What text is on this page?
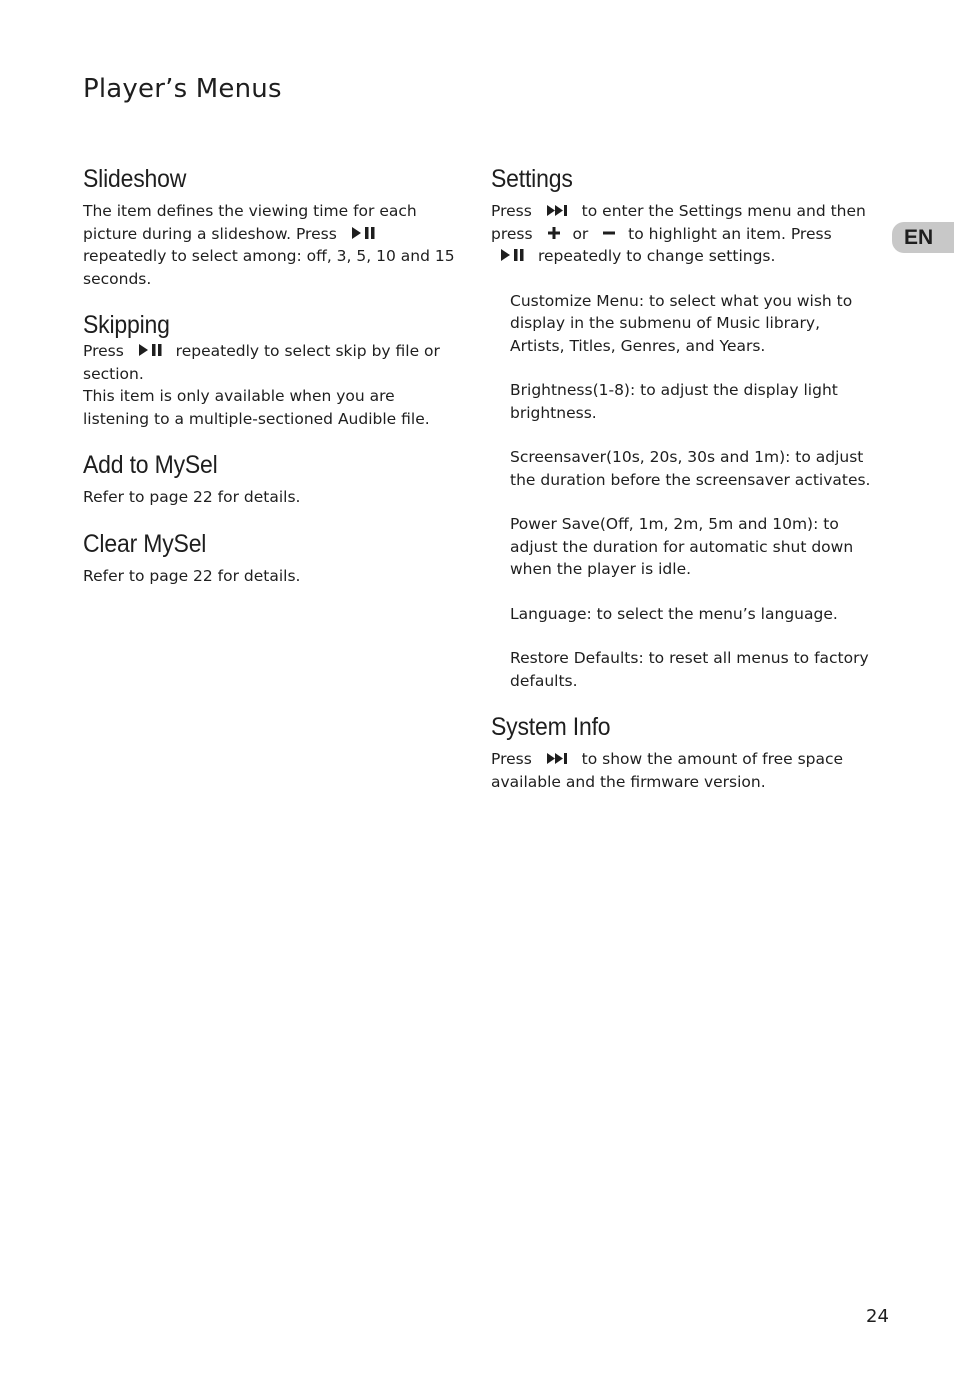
Player’s Menus
EN
Slideshow

The item defines the viewing time for each picture during a slideshow. Press
repeatedly to select among: off, 3, 5, 10 and 15 seconds.

Skipping

Press	repeatedly to select skip by file or section.

This item is only available when you are listening to a multiple-sectioned Audible file.

Add to MySel

Refer to page 22 for details.

Clear MySel

Refer to page 22 for details.

Settings

Press	to enter the Settings menu and then press	or	to highlight an item. Press
repeatedly to change settings.

Customize Menu: to select what you wish to display in the submenu of Music library, Artists, Titles, Genres, and Years.

Brightness(1-8): to adjust the display light brightness.

Screensaver(10s, 20s, 30s and 1m): to adjust the duration before the screensaver activates.

Power Save(Off, 1m, 2m, 5m and 10m): to adjust the duration for automatic shut down when the player is idle.

Language: to select the menu’s language.

Restore Defaults: to reset all menus to factory defaults.

System Info

Press	to show the amount of free space available and the firmware version.

24
